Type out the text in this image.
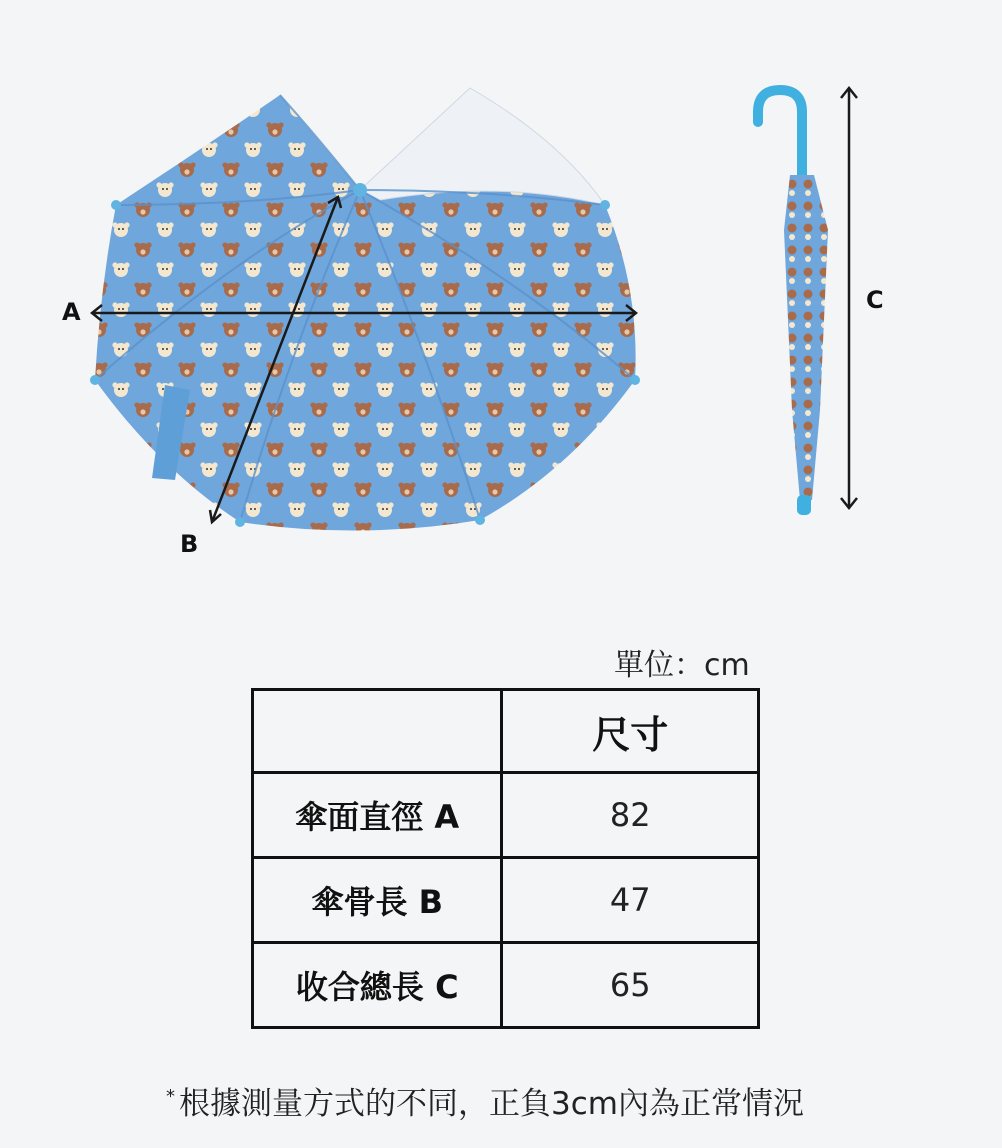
A
B
C
單位：cm
	尺寸
傘面直徑 A	82
傘骨長 B	47
收合總長 C	65
* 根據測量方式的不同，正負3cm內為正常情況
